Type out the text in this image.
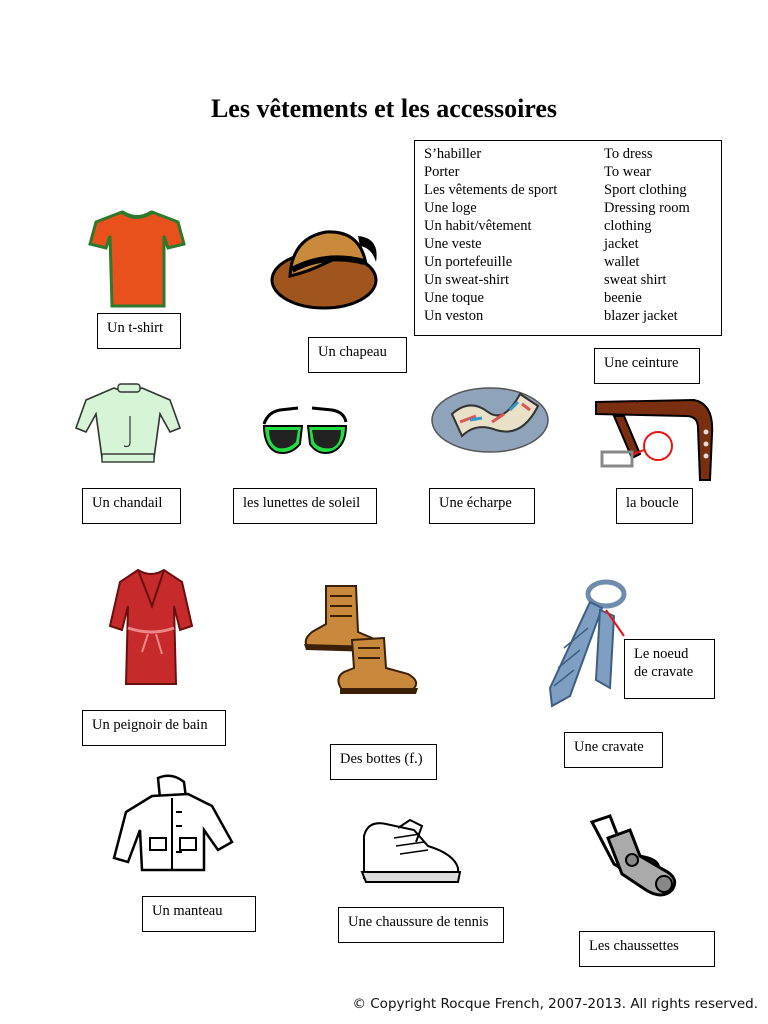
Les vêtements et les accessoires
S’habiller	To dress
Porter	To wear
Les vêtements de sport	Sport clothing
Une loge	Dressing room
Un habit/vêtement	clothing
Une veste	jacket
Un portefeuille	wallet
Un sweat-shirt	sweat shirt
Une toque	beenie
Un veston	blazer jacket
Un t-shirt
Un chapeau
Une ceinture
Un chandail	les lunettes de soleil	Une écharpe	la boucle
Un peignoir de bain
Des bottes (f.)
Le noeud
de cravate
Une cravate
Un manteau
Une chaussure de tennis
Les chaussettes
© Copyright Rocque French, 2007-2013. All rights reserved.
